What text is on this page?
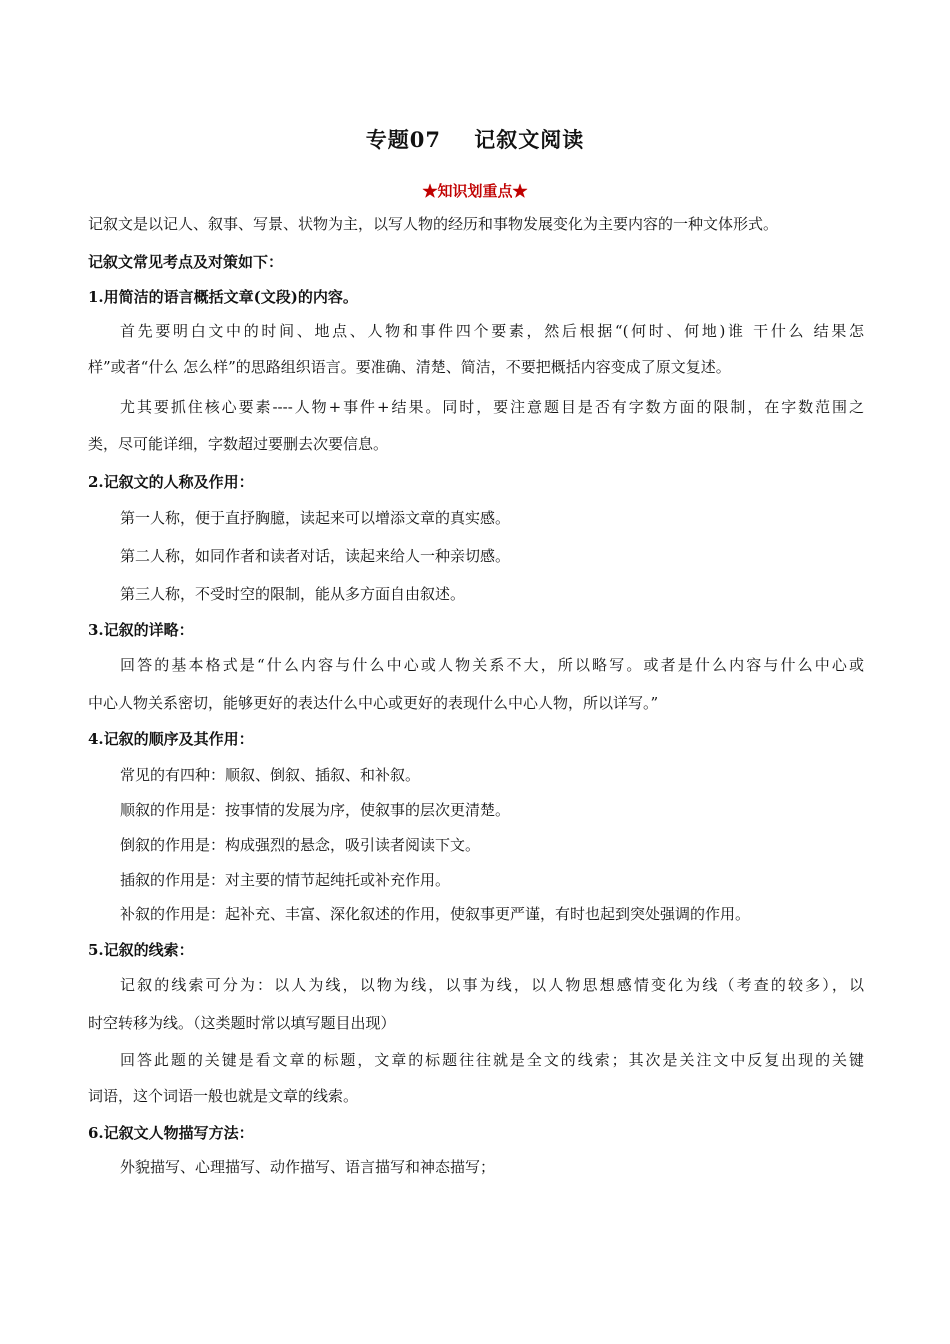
专题07    记叙文阅读
★知识划重点★
记叙文是以记人、叙事、写景、状物为主，以写人物的经历和事物发展变化为主要内容的一种文体形式。
记叙文常见考点及对策如下：
1.用简洁的语言概括文章(文段)的内容。
首先要明白文中的时间、地点、人物和事件四个要素，然后根据“(何时、何地)谁 干什么 结果怎
样”或者“什么 怎么样”的思路组织语言。要准确、清楚、简洁，不要把概括内容变成了原文复述。
尤其要抓住核心要素----人物+事件+结果。同时，要注意题目是否有字数方面的限制，在字数范围之
类，尽可能详细，字数超过要删去次要信息。
2.记叙文的人称及作用：
第一人称，便于直抒胸臆，读起来可以增添文章的真实感。
第二人称，如同作者和读者对话，读起来给人一种亲切感。
第三人称，不受时空的限制，能从多方面自由叙述。
3.记叙的详略：
回答的基本格式是“什么内容与什么中心或人物关系不大，所以略写。或者是什么内容与什么中心或
中心人物关系密切，能够更好的表达什么中心或更好的表现什么中心人物，所以详写。”
4.记叙的顺序及其作用：
常见的有四种：顺叙、倒叙、插叙、和补叙。
顺叙的作用是：按事情的发展为序，使叙事的层次更清楚。
倒叙的作用是：构成强烈的悬念，吸引读者阅读下文。
插叙的作用是：对主要的情节起纯托或补充作用。
补叙的作用是：起补充、丰富、深化叙述的作用，使叙事更严谨，有时也起到突处强调的作用。
5.记叙的线索：
记叙的线索可分为：以人为线，以物为线，以事为线，以人物思想感情变化为线（考查的较多），以
时空转移为线。（这类题时常以填写题目出现）
回答此题的关键是看文章的标题，文章的标题往往就是全文的线索；其次是关注文中反复出现的关键
词语，这个词语一般也就是文章的线索。
6.记叙文人物描写方法：
外貌描写、心理描写、动作描写、语言描写和神态描写；
